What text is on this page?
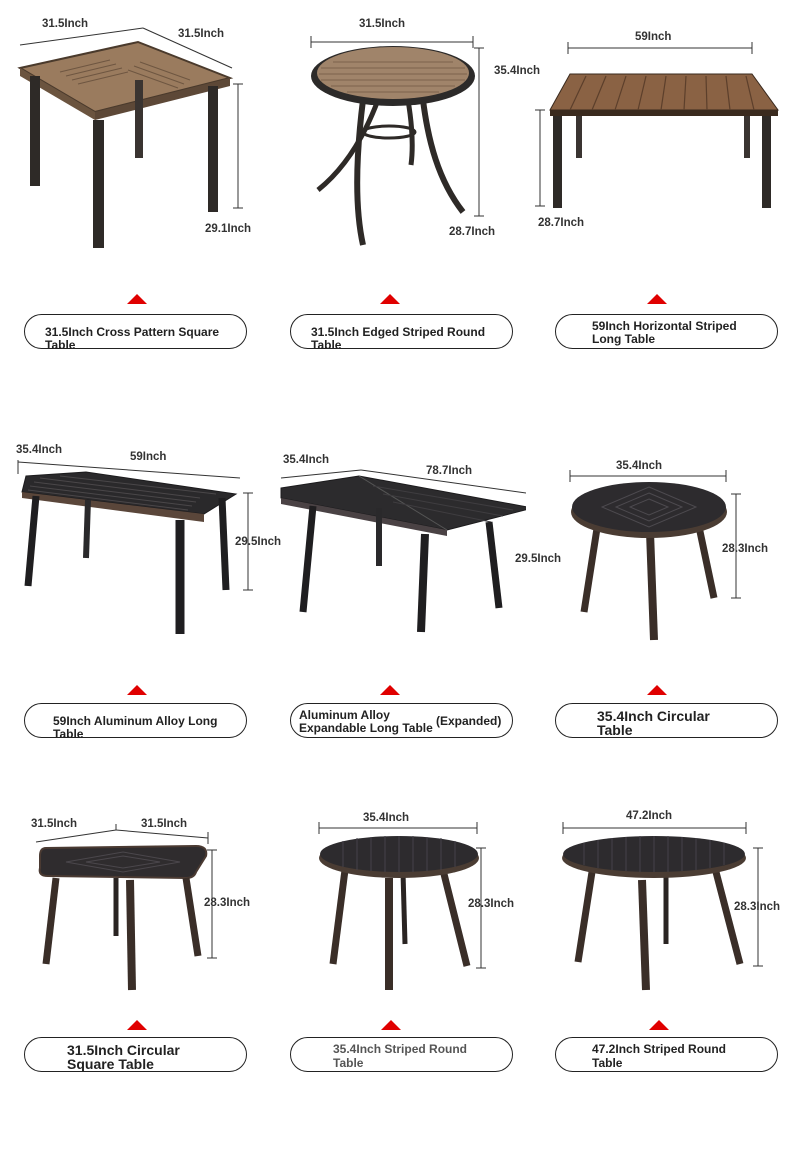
31.5Inch
31.5Inch
29.1Inch
31.5Inch Cross Pattern Square Table
31.5Inch
35.4Inch
28.7Inch
31.5Inch Edged Striped Round Table
59Inch
28.7Inch
59Inch Horizontal Striped
Long Table
35.4Inch
59Inch
29.5Inch
59Inch Aluminum Alloy Long Table
35.4Inch
78.7Inch
29.5Inch
Aluminum Alloy
Expandable Long Table (Expanded)
35.4Inch
28.3Inch
35.4Inch Circular
Table
31.5Inch	31.5Inch
28.3Inch
31.5Inch Circular
Square Table
35.4Inch
28.3Inch
35.4Inch Striped Round
Table
47.2Inch
28.3Inch
47.2Inch Striped Round
Table
